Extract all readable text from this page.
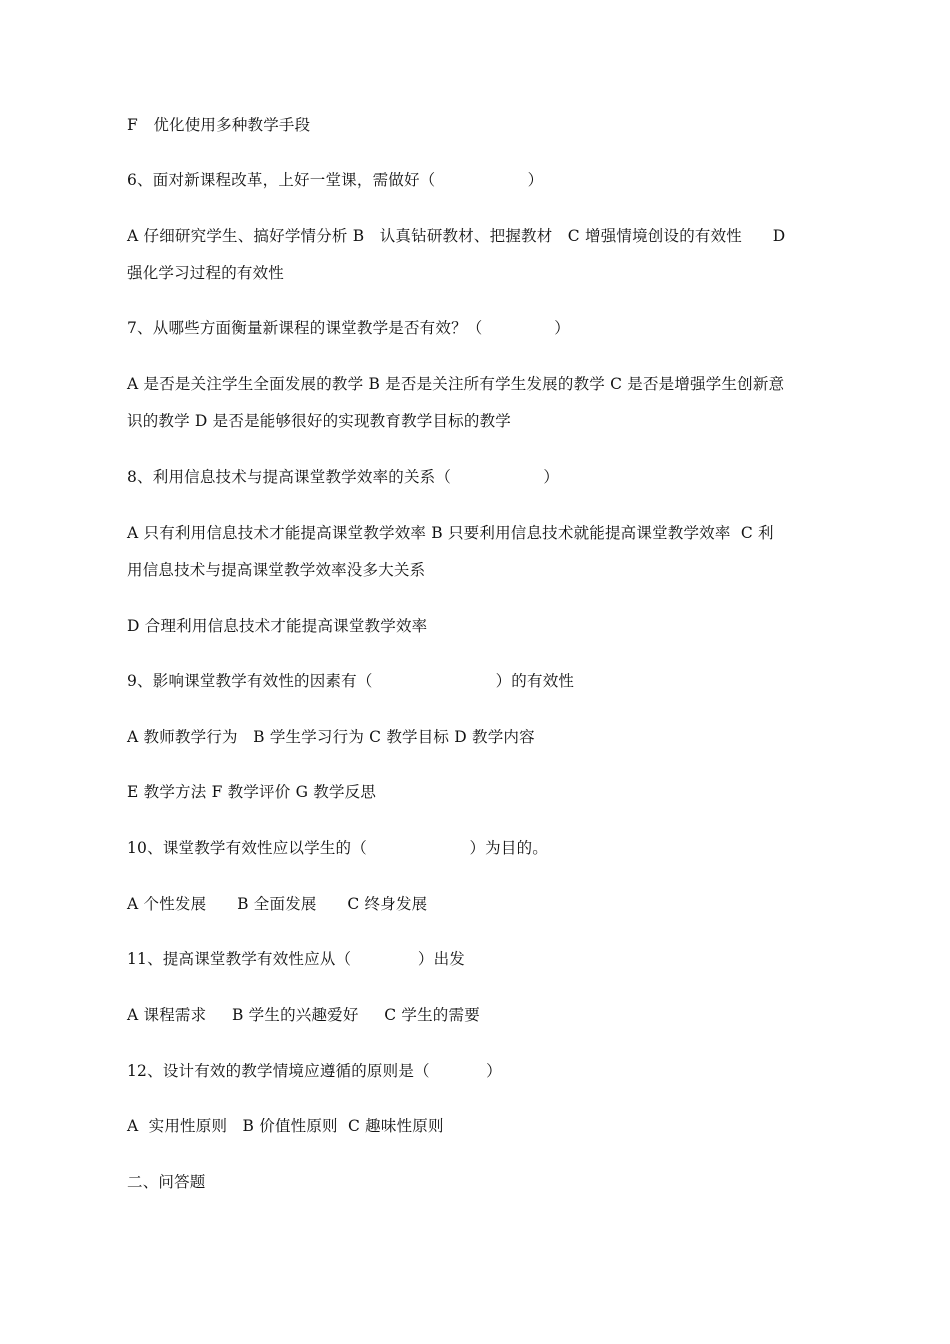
F   优化使用多种教学手段
6、面对新课程改革，上好一堂课，需做好（                  ）
A 仔细研究学生、搞好学情分析 B   认真钻研教材、把握教材   C 增强情境创设的有效性      D
强化学习过程的有效性
7、从哪些方面衡量新课程的课堂教学是否有效？（              ）
A 是否是关注学生全面发展的教学 B 是否是关注所有学生发展的教学 C 是否是增强学生创新意
识的教学 D 是否是能够很好的实现教育教学目标的教学
8、利用信息技术与提高课堂教学效率的关系（                  ）
A 只有利用信息技术才能提高课堂教学效率 B 只要利用信息技术就能提高课堂教学效率  C 利
用信息技术与提高课堂教学效率没多大关系
D 合理利用信息技术才能提高课堂教学效率
9、影响课堂教学有效性的因素有（                        ）的有效性
A 教师教学行为   B 学生学习行为 C 教学目标 D 教学内容
E 教学方法 F 教学评价 G 教学反思
10、课堂教学有效性应以学生的（                    ）为目的。
A 个性发展      B 全面发展      C 终身发展
11、提高课堂教学有效性应从（             ）出发
A 课程需求     B 学生的兴趣爱好     C 学生的需要
12、设计有效的教学情境应遵循的原则是（           ）
A  实用性原则   B 价值性原则  C 趣味性原则
二、问答题
